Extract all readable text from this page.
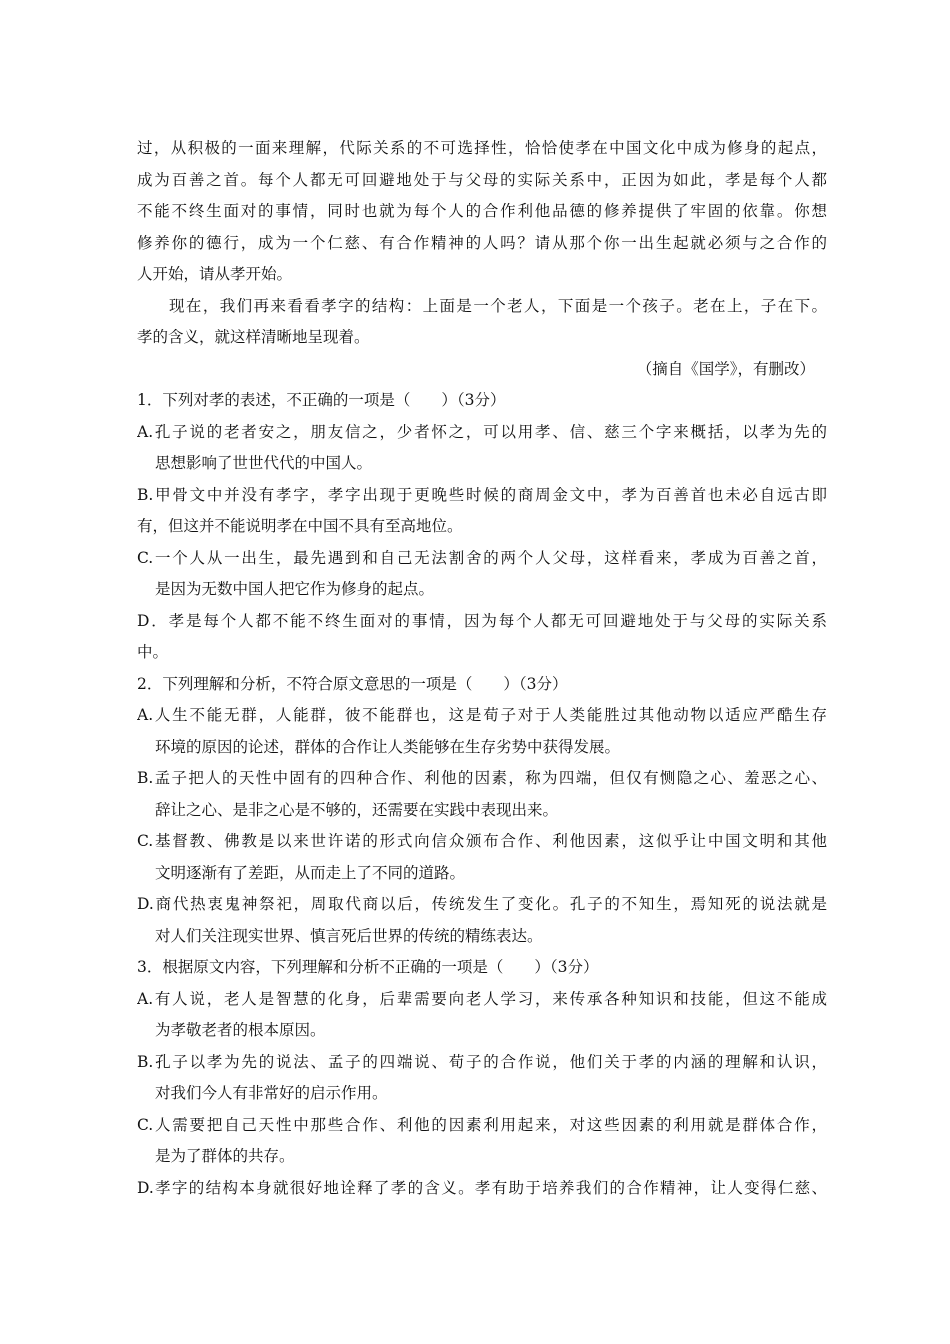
过，从积极的一面来理解，代际关系的不可选择性，恰恰使孝在中国文化中成为修身的起点，
成为百善之首。每个人都无可回避地处于与父母的实际关系中，正因为如此，孝是每个人都
不能不终生面对的事情，同时也就为每个人的合作利他品德的修养提供了牢固的依靠。你想
修养你的德行，成为一个仁慈、有合作精神的人吗？请从那个你一出生起就必须与之合作的
人开始，请从孝开始。
现在，我们再来看看孝字的结构：上面是一个老人，下面是一个孩子。老在上，子在下。
孝的含义，就这样清晰地呈现着。
（摘自《国学》，有删改）
1．下列对孝的表述，不正确的一项是（　　）（3分）
A.孔子说的老者安之，朋友信之，少者怀之，可以用孝、信、慈三个字来概括，以孝为先的
思想影响了世世代代的中国人。
B.甲骨文中并没有孝字，孝字出现于更晚些时候的商周金文中，孝为百善首也未必自远古即
有，但这并不能说明孝在中国不具有至高地位。
C.一个人从一出生，最先遇到和自己无法割舍的两个人父母，这样看来，孝成为百善之首，
是因为无数中国人把它作为修身的起点。
D．孝是每个人都不能不终生面对的事情，因为每个人都无可回避地处于与父母的实际关系
中。
2．下列理解和分析，不符合原文意思的一项是（　　）（3分）
A.人生不能无群，人能群，彼不能群也，这是荀子对于人类能胜过其他动物以适应严酷生存
环境的原因的论述，群体的合作让人类能够在生存劣势中获得发展。
B.孟子把人的天性中固有的四种合作、利他的因素，称为四端，但仅有恻隐之心、羞恶之心、
辞让之心、是非之心是不够的，还需要在实践中表现出来。
C.基督教、佛教是以来世许诺的形式向信众颁布合作、利他因素，这似乎让中国文明和其他
文明逐渐有了差距，从而走上了不同的道路。
D.商代热衷鬼神祭祀，周取代商以后，传统发生了变化。孔子的不知生，焉知死的说法就是
对人们关注现实世界、慎言死后世界的传统的精练表达。
3．根据原文内容，下列理解和分析不正确的一项是（　　）（3分）
A.有人说，老人是智慧的化身，后辈需要向老人学习，来传承各种知识和技能，但这不能成
为孝敬老者的根本原因。
B.孔子以孝为先的说法、孟子的四端说、荀子的合作说，他们关于孝的内涵的理解和认识，
对我们今人有非常好的启示作用。
C.人需要把自己天性中那些合作、利他的因素利用起来，对这些因素的利用就是群体合作，
是为了群体的共存。
D.孝字的结构本身就很好地诠释了孝的含义。孝有助于培养我们的合作精神，让人变得仁慈、
